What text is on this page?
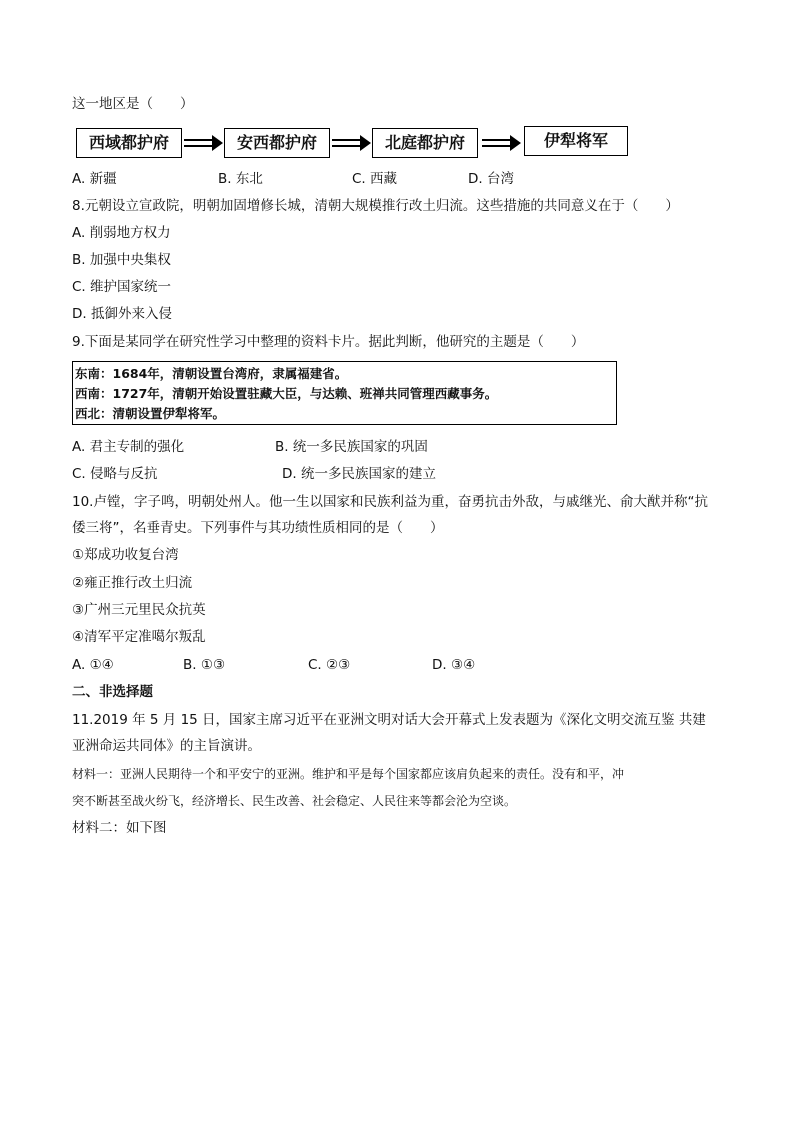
这一地区是（　　）
西域都护府	安西都护府	北庭都护府	伊犁将军
A. 新疆	B. 东北	C. 西藏	D. 台湾
8.元朝设立宣政院，明朝加固增修长城，清朝大规模推行改土归流。这些措施的共同意义在于（　　）
A. 削弱地方权力
B. 加强中央集权
C. 维护国家统一
D. 抵御外来入侵
9.下面是某同学在研究性学习中整理的资料卡片。据此判断，他研究的主题是（　　）
东南：1684年，清朝设置台湾府，隶属福建省。
西南：1727年，清朝开始设置驻藏大臣，与达赖、班禅共同管理西藏事务。
西北：清朝设置伊犁将军。
A. 君主专制的强化	B. 统一多民族国家的巩固
C. 侵略与反抗	D. 统一多民族国家的建立
10.卢镗，字子鸣，明朝处州人。他一生以国家和民族利益为重，奋勇抗击外敌，与戚继光、俞大猷并称“抗
倭三将”，名垂青史。下列事件与其功绩性质相同的是（　　）
①郑成功收复台湾
②雍正推行改土归流
③广州三元里民众抗英
④清军平定准噶尔叛乱
A. ①④	B. ①③	C. ②③	D. ③④
二、非选择题
11.2019 年 5 月 15 日，国家主席习近平在亚洲文明对话大会开幕式上发表题为《深化文明交流互鉴 共建
亚洲命运共同体》的主旨演讲。
材料一：亚洲人民期待一个和平安宁的亚洲。维护和平是每个国家都应该肩负起来的责任。没有和平，冲
突不断甚至战火纷飞，经济增长、民生改善、社会稳定、人民往来等都会沦为空谈。
材料二：如下图
